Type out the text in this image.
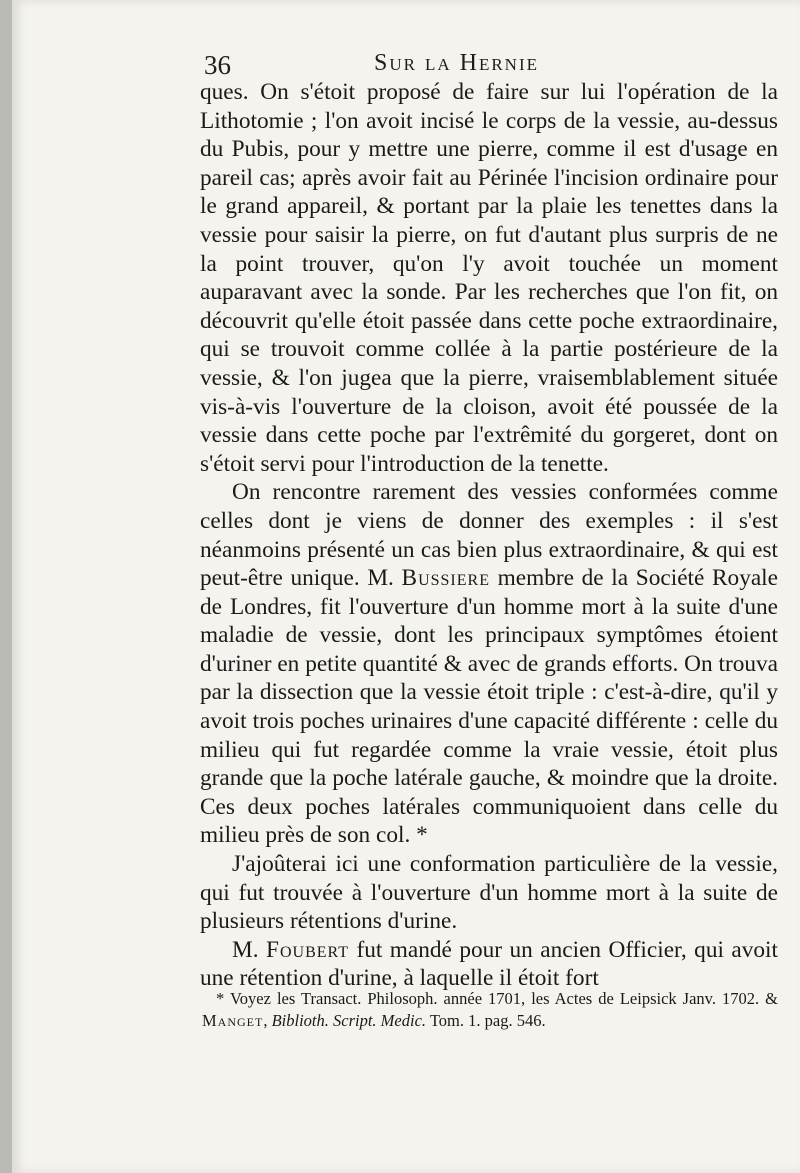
36	Sur la Hernie

ques. On s'étoit proposé de faire sur lui l'opération de la Lithotomie ; l'on avoit incisé le corps de la vessie, au-dessus du Pubis, pour y mettre une pierre, comme il est d'usage en pareil cas; après avoir fait au Périnée l'incision ordinaire pour le grand appareil, & portant par la plaie les tenettes dans la vessie pour saisir la pierre, on fut d'autant plus surpris de ne la point trouver, qu'on l'y avoit touchée un moment auparavant avec la sonde. Par les recherches que l'on fit, on découvrit qu'elle étoit passée dans cette poche extraordinaire, qui se trouvoit comme collée à la partie postérieure de la vessie, & l'on jugea que la pierre, vraisemblablement située vis-à-vis l'ouverture de la cloison, avoit été poussée de la vessie dans cette poche par l'extrêmité du gorgeret, dont on s'étoit servi pour l'introduction de la tenette.

On rencontre rarement des vessies conformées comme celles dont je viens de donner des exemples : il s'est néanmoins présenté un cas bien plus extraordinaire, & qui est peut-être unique. M. Bussiere membre de la Société Royale de Londres, fit l'ouverture d'un homme mort à la suite d'une maladie de vessie, dont les principaux symptômes étoient d'uriner en petite quantité & avec de grands efforts. On trouva par la dissection que la vessie étoit triple : c'est-à-dire, qu'il y avoit trois poches urinaires d'une capacité différente : celle du milieu qui fut regardée comme la vraie vessie, étoit plus grande que la poche latérale gauche, & moindre que la droite. Ces deux poches latérales communiquoient dans celle du milieu près de son col. *

J'ajoûterai ici une conformation particulière de la vessie, qui fut trouvée à l'ouverture d'un homme mort à la suite de plusieurs rétentions d'urine.

M. Foubert fut mandé pour un ancien Officier, qui avoit une rétention d'urine, à laquelle il étoit fort

* Voyez les Transact. Philosoph. année 1701, les Actes de Leipsick Janv. 1702. & Manget, Biblioth. Script. Medic. Tom. 1. pag. 546.
